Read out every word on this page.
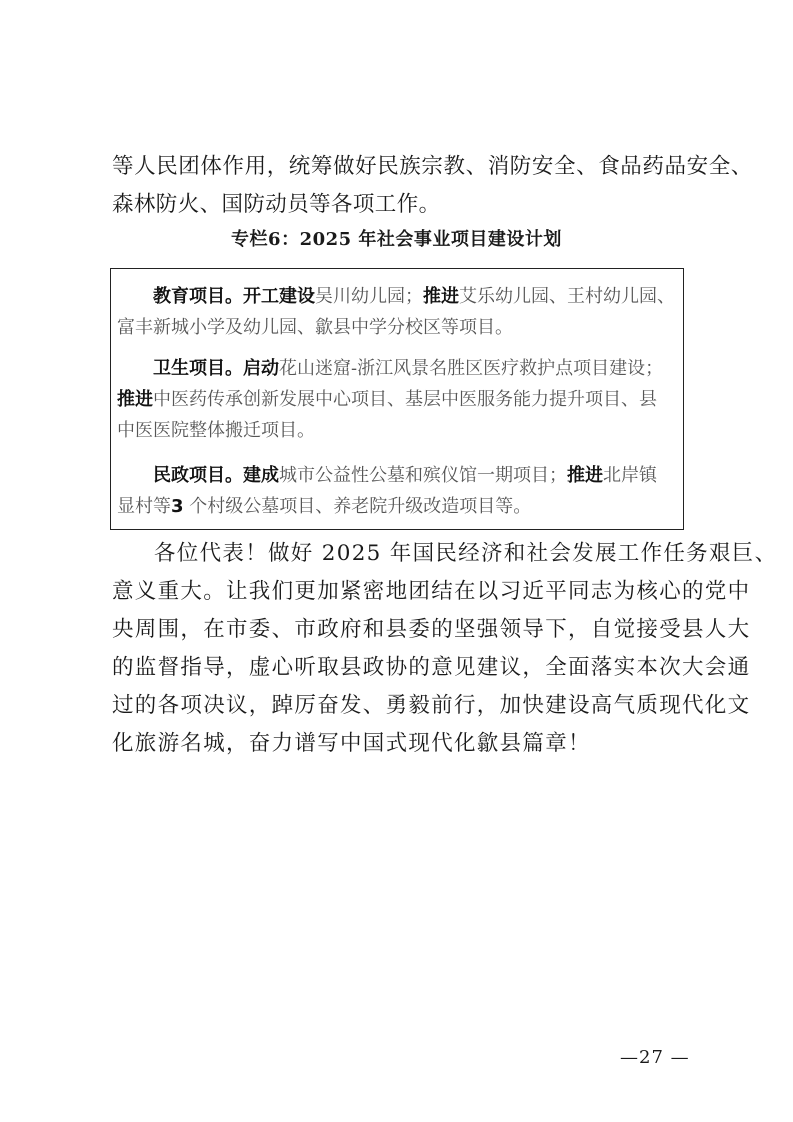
等人民团体作用，统筹做好民族宗教、消防安全、食品药品安全、
森林防火、国防动员等各项工作。

专栏6：2025 年社会事业项目建设计划
教育项目。开工建设吴川幼儿园；推进艾乐幼儿园、王村幼儿园、
富丰新城小学及幼儿园、歙县中学分校区等项目。
卫生项目。启动花山迷窟-浙江风景名胜区医疗救护点项目建设；
推进中医药传承创新发展中心项目、基层中医服务能力提升项目、县
中医医院整体搬迁项目。
民政项目。建成城市公益性公墓和殡仪馆一期项目；推进北岸镇
显村等3 个村级公墓项目、养老院升级改造项目等。

各位代表！做好 2025 年国民经济和社会发展工作任务艰巨、
意义重大。让我们更加紧密地团结在以习近平同志为核心的党中
央周围，在市委、市政府和县委的坚强领导下，自觉接受县人大
的监督指导，虚心听取县政协的意见建议，全面落实本次大会通
过的各项决议，踔厉奋发、勇毅前行，加快建设高气质现代化文
化旅游名城，奋力谱写中国式现代化歙县篇章！

—27 —
